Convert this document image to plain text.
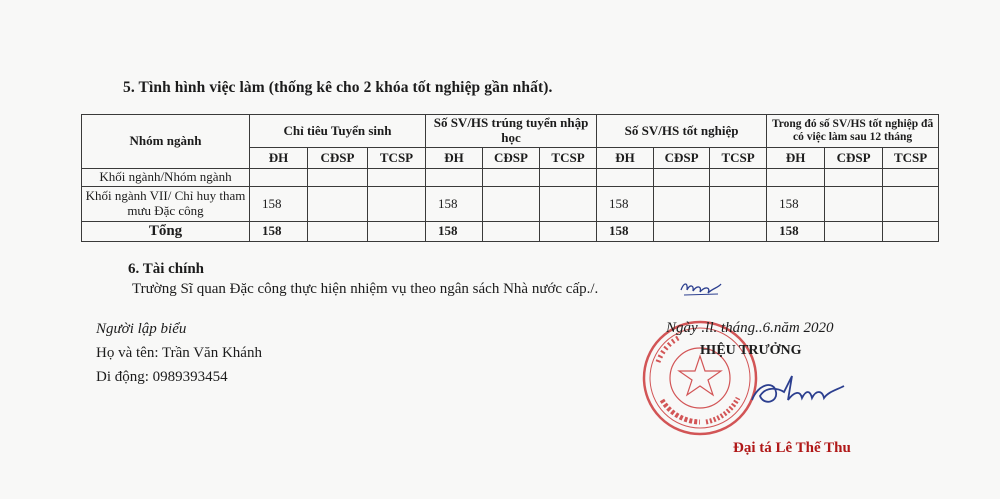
5. Tình hình việc làm (thống kê cho 2 khóa tốt nghiệp gần nhất).
Nhóm ngành	Chỉ tiêu Tuyển sinh			Số SV/HS trúng tuyển nhập học			Số SV/HS tốt nghiệp			Trong đó số SV/HS tốt nghiệp đã có việc làm sau 12 tháng		
	ĐH	CĐSP	TCSP	ĐH	CĐSP	TCSP	ĐH	CĐSP	TCSP	ĐH	CĐSP	TCSP
Khối ngành/Nhóm ngành												
Khối ngành VII/ Chỉ huy tham mưu Đặc công	158			158			158			158		
Tổng	158			158			158			158		
6. Tài chính
Trường Sĩ quan Đặc công thực hiện nhiệm vụ theo ngân sách Nhà nước cấp./.
Người lập biểu
Họ và tên: Trần Văn Khánh
Di động: 0989393454
Ngày .ll. tháng..6.năm 2020
HIỆU TRƯỞNG
Đại tá Lê Thế Thu
